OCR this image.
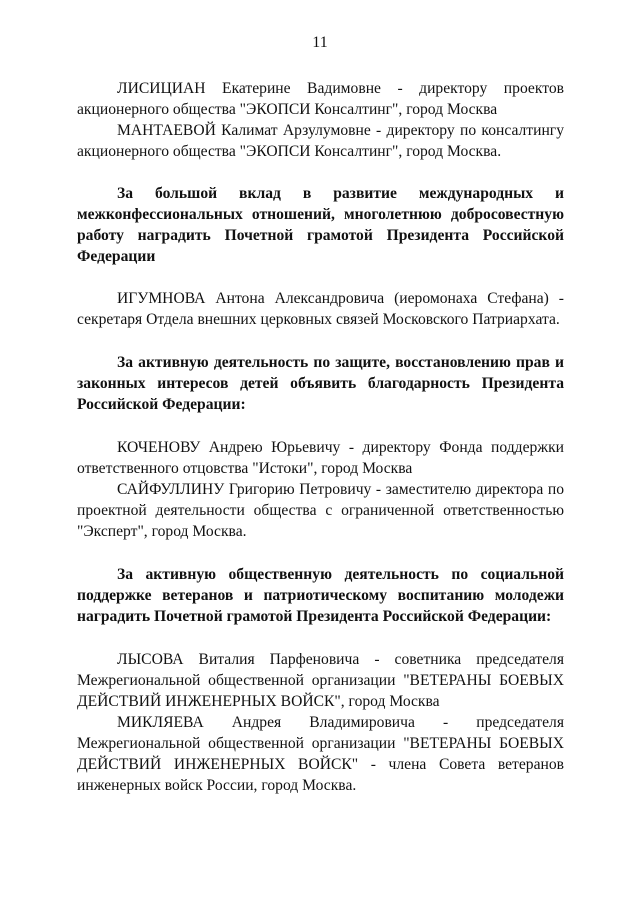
11

ЛИСИЦИАН Екатерине Вадимовне - директору проектов акционерного общества "ЭКОПСИ Консалтинг", город Москва

МАНТАЕВОЙ Калимат Арзулумовне - директору по консалтингу акционерного общества "ЭКОПСИ Консалтинг", город Москва.

За большой вклад в развитие международных и межконфессиональных отношений, многолетнюю добросовестную работу наградить Почетной грамотой Президента Российской Федерации

ИГУМНОВА Антона Александровича (иеромонаха Стефана) - секретаря Отдела внешних церковных связей Московского Патриархата.

За активную деятельность по защите, восстановлению прав и законных интересов детей объявить благодарность Президента Российской Федерации:

КОЧЕНОВУ Андрею Юрьевичу - директору Фонда поддержки ответственного отцовства "Истоки", город Москва

САЙФУЛЛИНУ Григорию Петровичу - заместителю директора по проектной деятельности общества с ограниченной ответственностью "Эксперт", город Москва.

За активную общественную деятельность по социальной поддержке ветеранов и патриотическому воспитанию молодежи наградить Почетной грамотой Президента Российской Федерации:

ЛЫСОВА Виталия Парфеновича - советника председателя Межрегиональной общественной организации "ВЕТЕРАНЫ БОЕВЫХ ДЕЙСТВИЙ ИНЖЕНЕРНЫХ ВОЙСК", город Москва

МИКЛЯЕВА Андрея Владимировича - председателя Межрегиональной общественной организации "ВЕТЕРАНЫ БОЕВЫХ ДЕЙСТВИЙ ИНЖЕНЕРНЫХ ВОЙСК" - члена Совета ветеранов инженерных войск России, город Москва.
